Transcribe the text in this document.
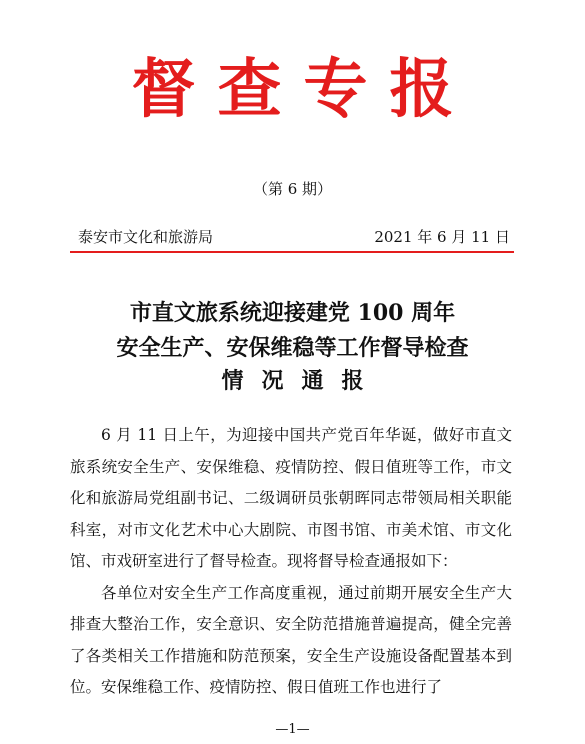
督查专报
（第 6 期）
泰安市文化和旅游局	2021 年 6 月 11 日
市直文旅系统迎接建党 100 周年
安全生产、安保维稳等工作督导检查
情况通报

6 月 11 日上午，为迎接中国共产党百年华诞，做好市直文旅系统安全生产、安保维稳、疫情防控、假日值班等工作，市文化和旅游局党组副书记、二级调研员张朝晖同志带领局相关职能科室，对市文化艺术中心大剧院、市图书馆、市美术馆、市文化馆、市戏研室进行了督导检查。现将督导检查通报如下：

各单位对安全生产工作高度重视，通过前期开展安全生产大排查大整治工作，安全意识、安全防范措施普遍提高，健全完善了各类相关工作措施和防范预案，安全生产设施设备配置基本到位。安保维稳工作、疫情防控、假日值班工作也进行了

—1—
